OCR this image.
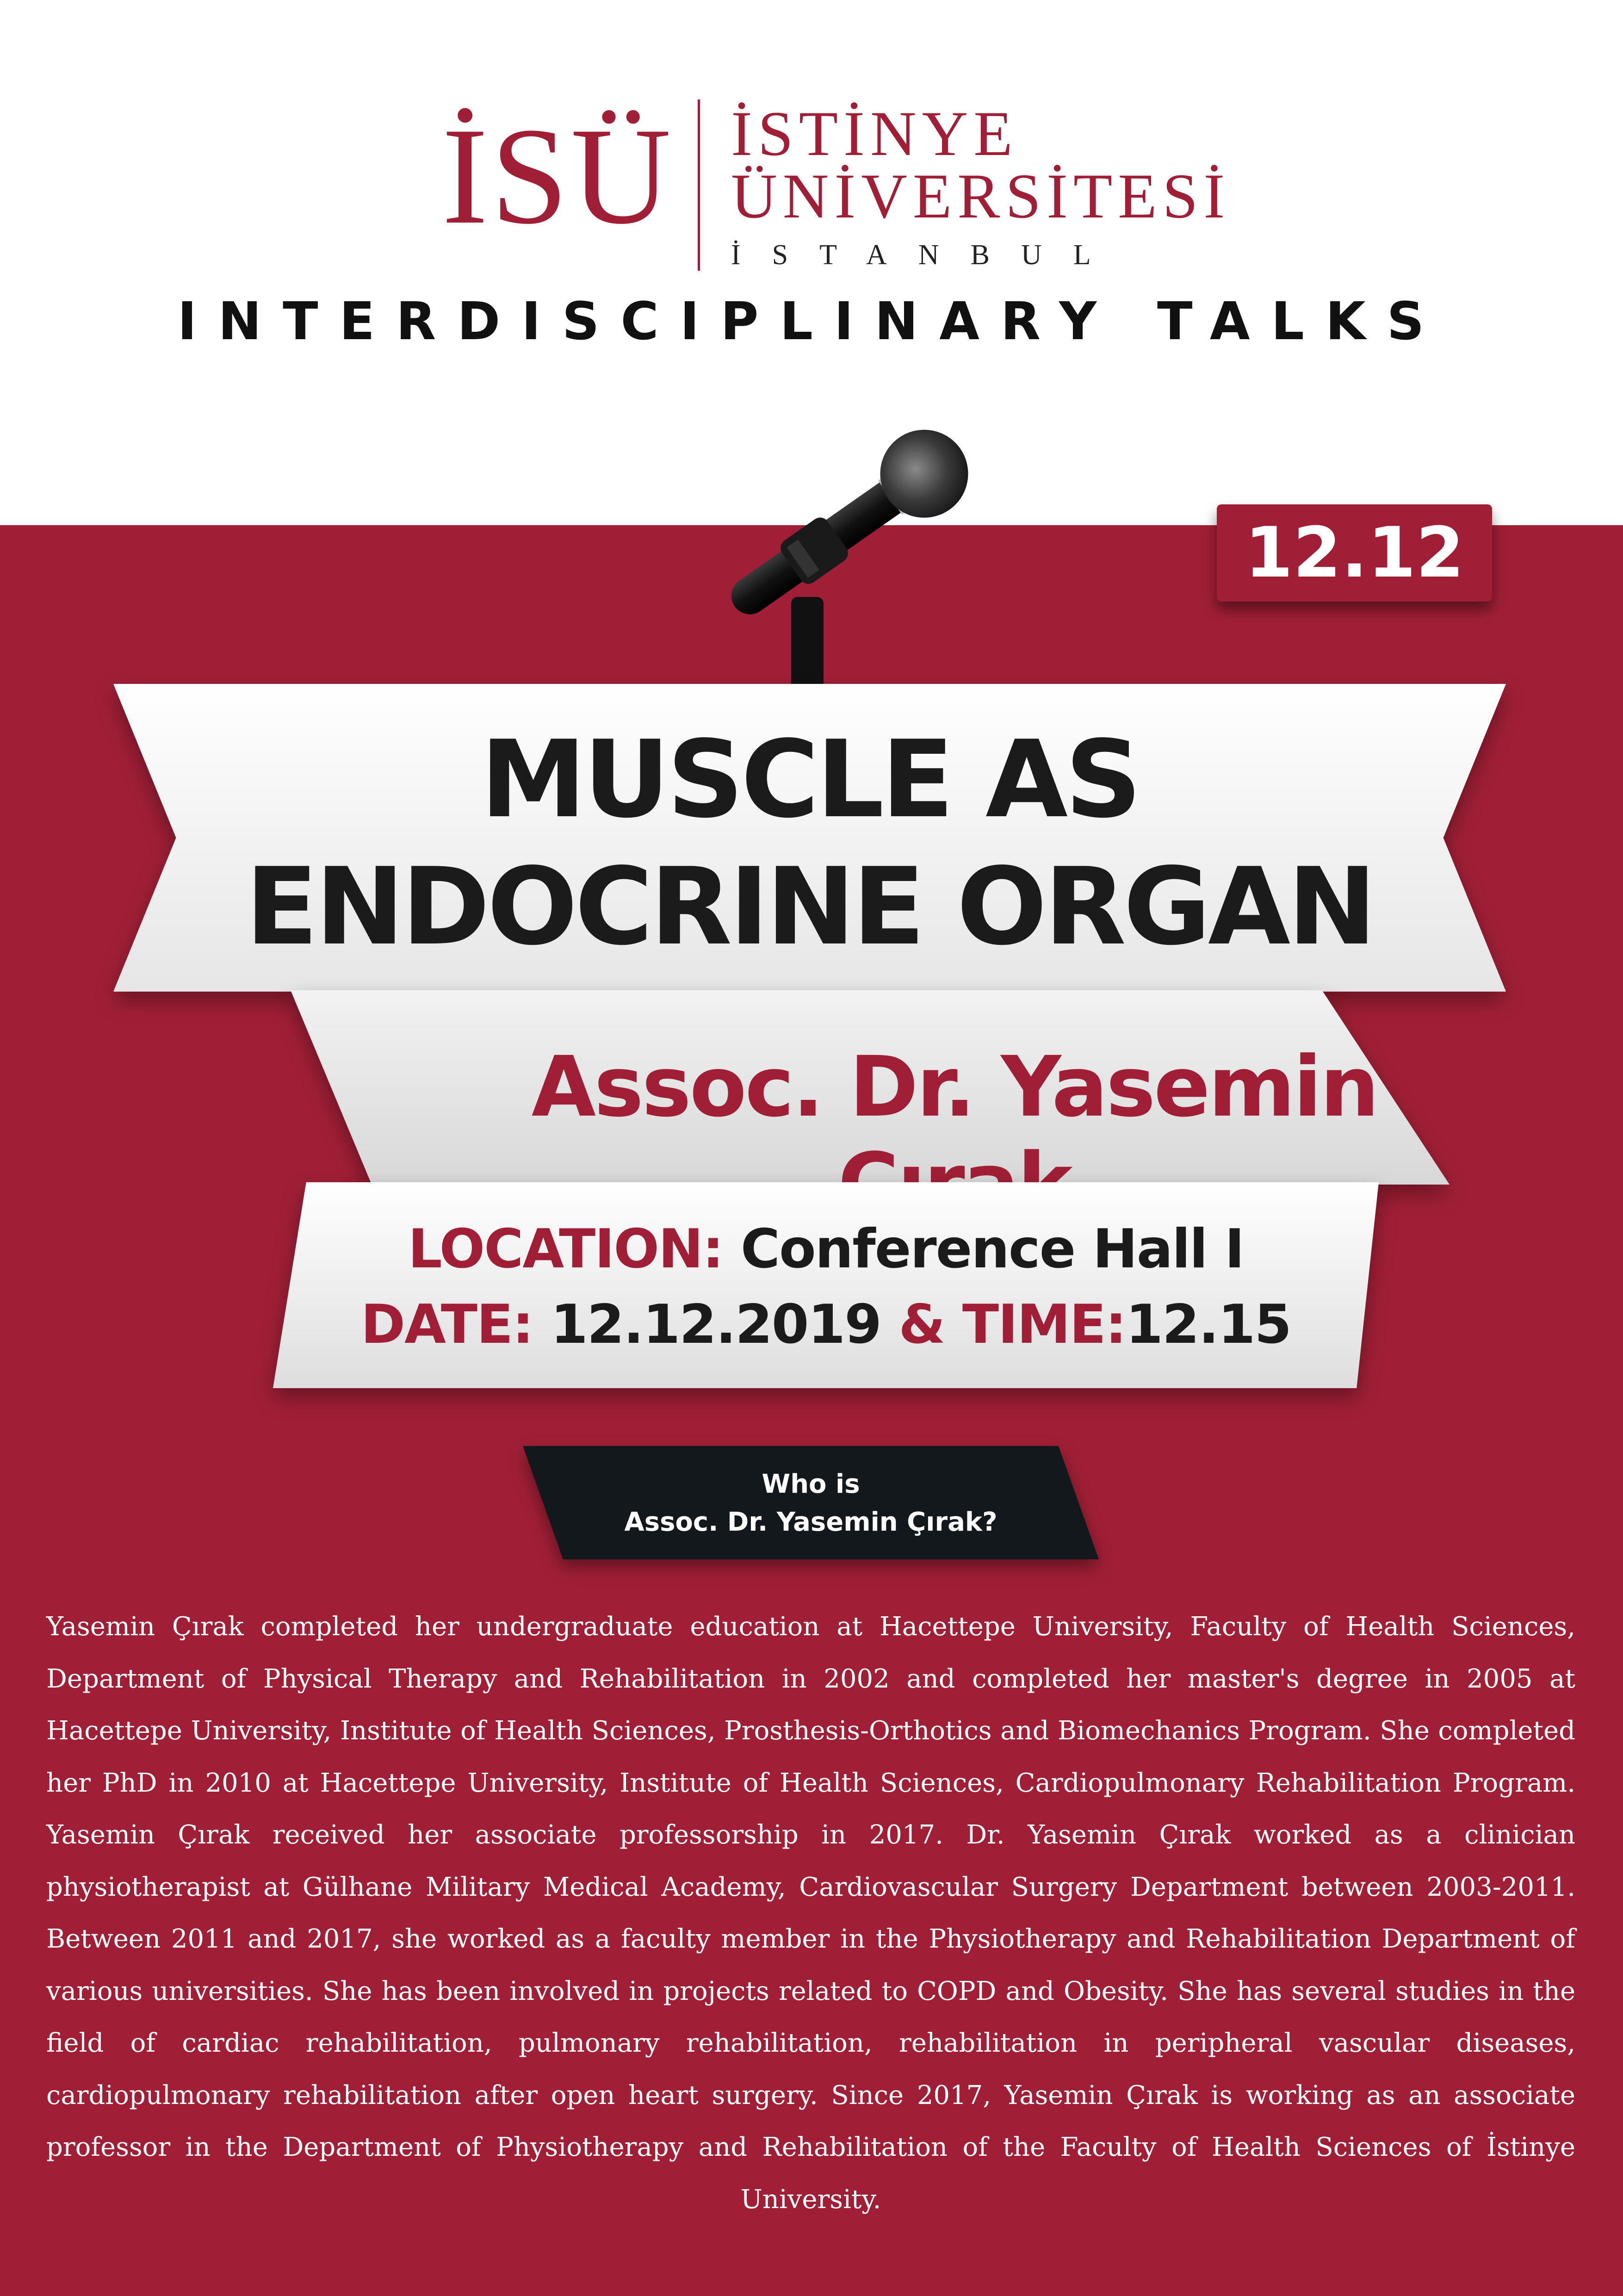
İSÜ İSTİNYE
ÜNİVERSİTESİ
İSTANBUL
INTERDISCIPLINARY TALKS
12.12
MUSCLE AS
ENDOCRINE ORGAN
Assoc. Dr. Yasemin
LOCATION: Conference Hall I
DATE: 12.12.2019 & TIME:12.15
Who is
Assoc. Dr. Yasemin Çırak?
Yasemin Çırak completed her undergraduate education at Hacettepe University, Faculty of Health Sciences, Department of Physical Therapy and Rehabilitation in 2002 and completed her master's degree in 2005 at Hacettepe University, Institute of Health Sciences, Prosthesis-Orthotics and Biomechanics Program. She completed her PhD in 2010 at Hacettepe University, Institute of Health Sciences, Cardiopulmonary Rehabilitation Program. Yasemin Çırak received her associate professorship in 2017. Dr. Yasemin Çırak worked as a clinician physiotherapist at Gülhane Military Medical Academy, Cardiovascular Surgery Department between 2003-2011. Between 2011 and 2017, she worked as a faculty member in the Physiotherapy and Rehabilitation Department of various universities. She has been involved in projects related to COPD and Obesity. She has several studies in the field of cardiac rehabilitation, pulmonary rehabilitation, rehabilitation in peripheral vascular diseases, cardiopulmonary rehabilitation after open heart surgery. Since 2017, Yasemin Çırak is working as an associate professor in the Department of Physiotherapy and Rehabilitation of the Faculty of Health Sciences of İstinye University.
